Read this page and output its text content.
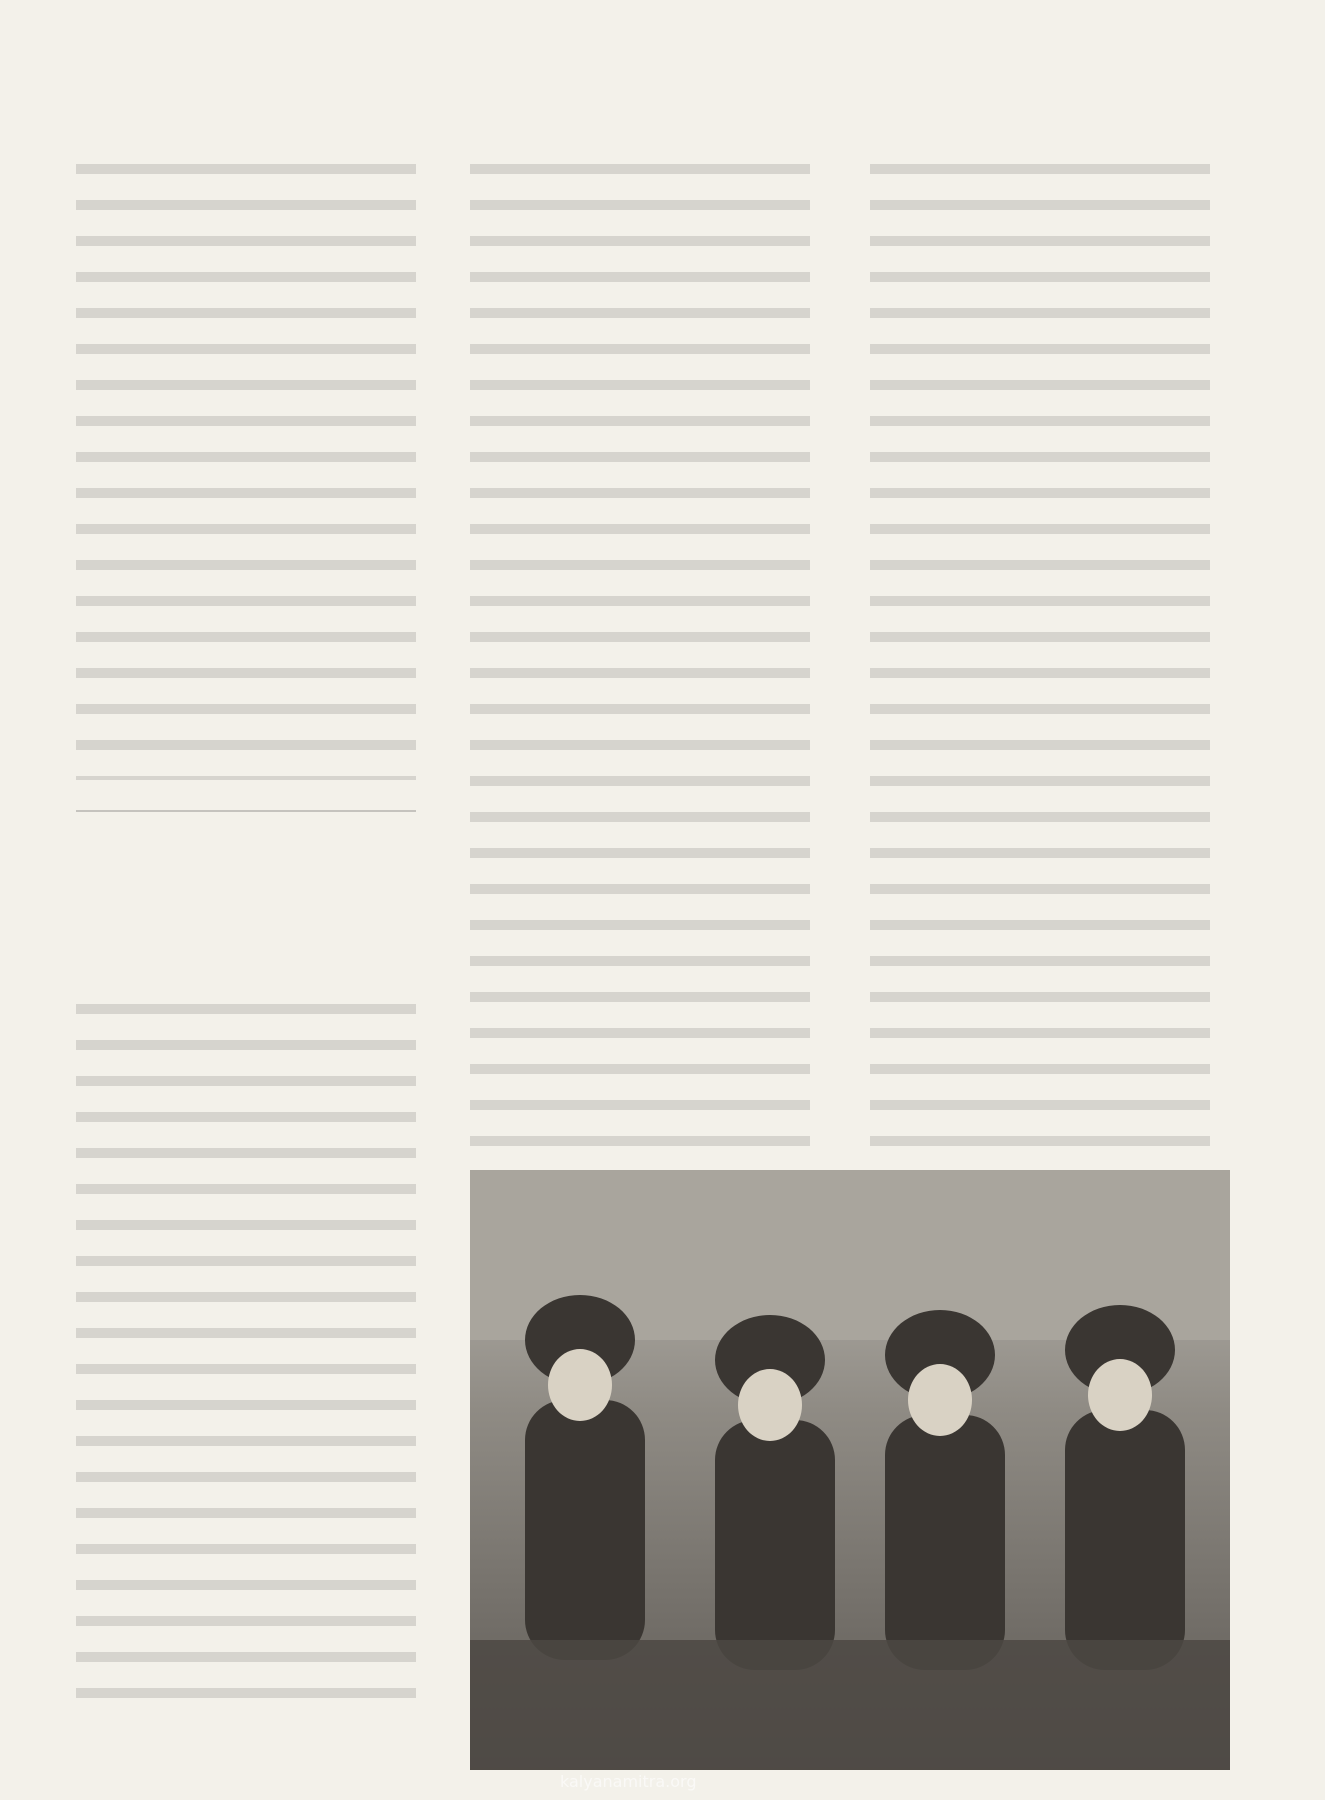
kalyanamitra.org
